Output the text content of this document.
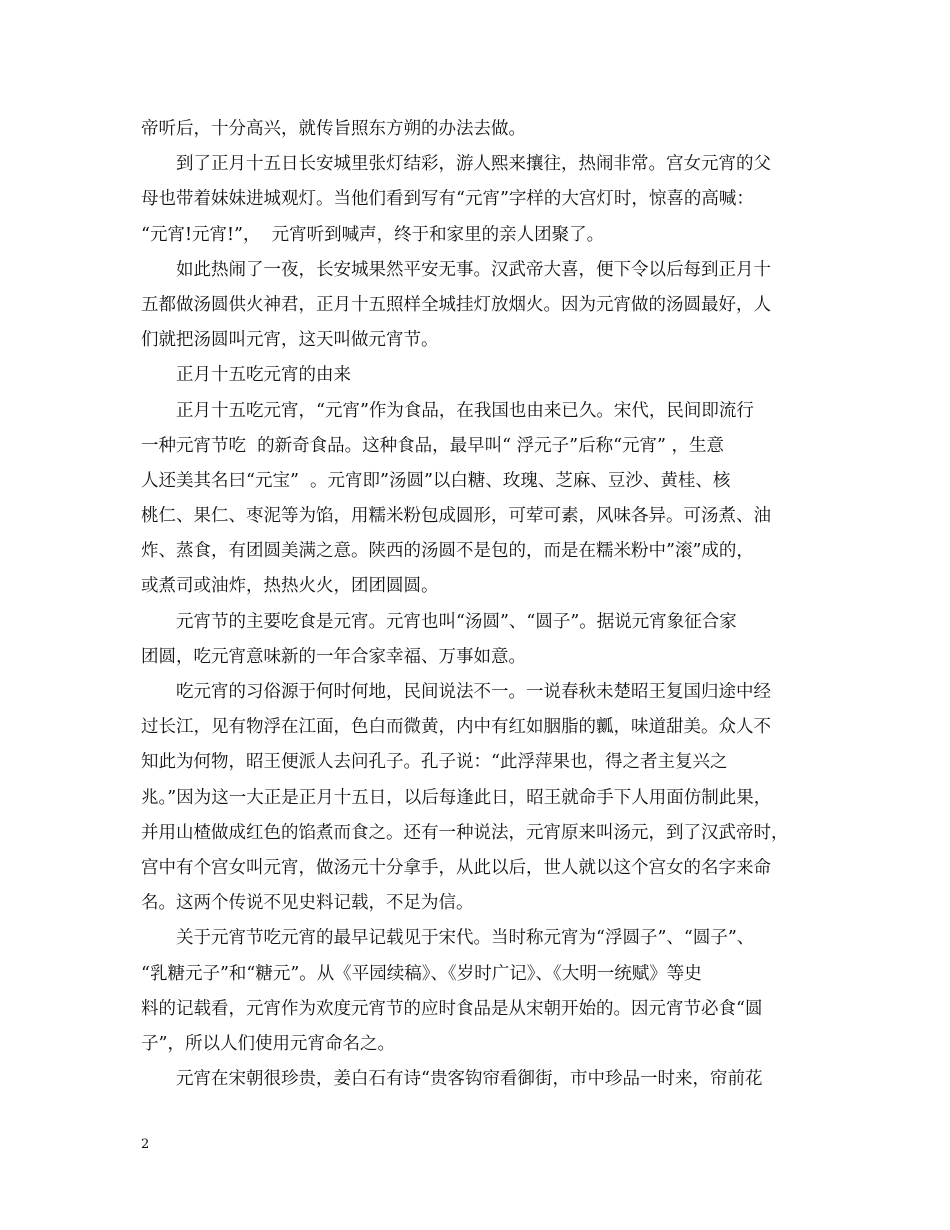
帝听后，十分高兴，就传旨照东方朔的办法去做。
到了正月十五日长安城里张灯结彩，游人熙来攘往，热闹非常。宫女元宵的父
母也带着妹妹进城观灯。当他们看到写有“元宵”字样的大宫灯时，惊喜的高喊：
“元宵!元宵!”，  元宵听到喊声，终于和家里的亲人团聚了。
如此热闹了一夜，长安城果然平安无事。汉武帝大喜，便下令以后每到正月十
五都做汤圆供火神君，正月十五照样全城挂灯放烟火。因为元宵做的汤圆最好，人
们就把汤圆叫元宵，这天叫做元宵节。
正月十五吃元宵的由来
正月十五吃元宵，“元宵”作为食品，在我国也由来已久。宋代，民间即流行
一种元宵节吃  的新奇食品。这种食品，最早叫“ 浮元子”后称“元宵” ，生意
人还美其名曰“元宝”  。元宵即”汤圆”以白糖、玫瑰、芝麻、豆沙、黄桂、核
桃仁、果仁、枣泥等为馅，用糯米粉包成圆形，可荤可素，风味各异。可汤煮、油
炸、蒸食，有团圆美满之意。陕西的汤圆不是包的，而是在糯米粉中”滚”成的，
或煮司或油炸，热热火火，团团圆圆。
元宵节的主要吃食是元宵。元宵也叫“汤圆”、“圆子”。据说元宵象征合家
团圆，吃元宵意味新的一年合家幸福、万事如意。
吃元宵的习俗源于何时何地，民间说法不一。一说春秋未楚昭王复国归途中经
过长江，见有物浮在江面，色白而微黄，内中有红如胭脂的瓤，味道甜美。众人不
知此为何物，昭王便派人去问孔子。孔子说：“此浮萍果也，得之者主复兴之
兆。”因为这一大正是正月十五日，以后每逢此日，昭王就命手下人用面仿制此果，
并用山楂做成红色的馅煮而食之。还有一种说法，元宵原来叫汤元，到了汉武帝时，
宫中有个宫女叫元宵，做汤元十分拿手，从此以后，世人就以这个宫女的名字来命
名。这两个传说不见史料记载，不足为信。
关于元宵节吃元宵的最早记载见于宋代。当时称元宵为“浮圆子”、“圆子”、
“乳糖元子”和“糖元”。从《平园续稿》、《岁时广记》、《大明一统赋》等史
料的记载看，元宵作为欢度元宵节的应时食品是从宋朝开始的。因元宵节必食“圆
子”，所以人们使用元宵命名之。
元宵在宋朝很珍贵，姜白石有诗“贵客钩帘看御街，市中珍品一时来，帘前花
2
